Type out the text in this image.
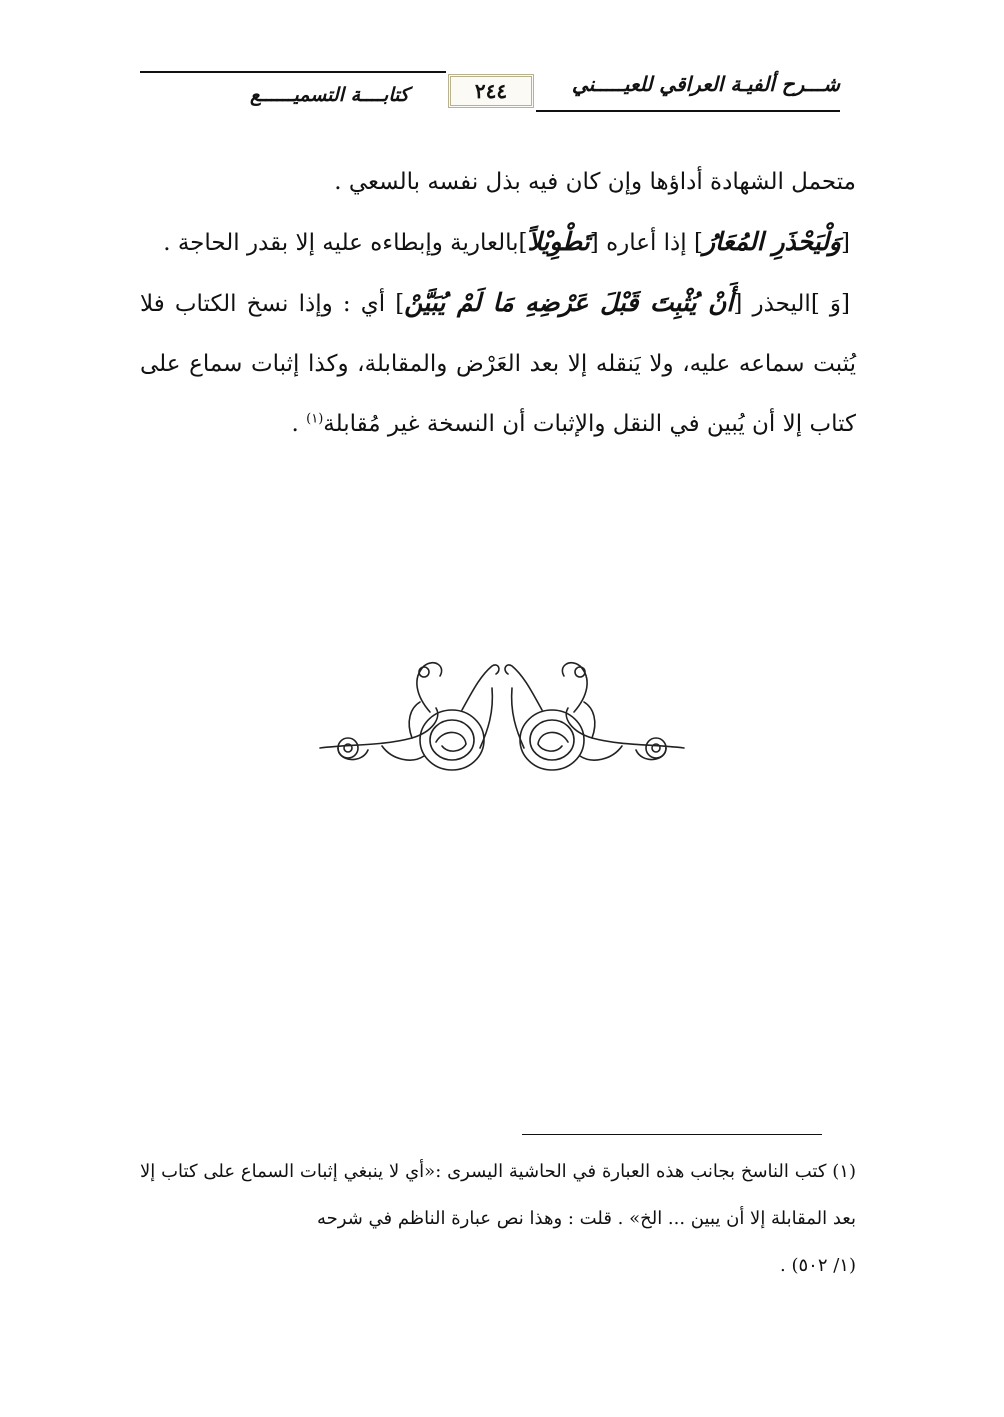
شـــرح ألفيـة العراقي للعيـــــني
٢٤٤
كتابــــة التسميــــــع

متحمل الشهادة أداؤها وإن كان فيه بذل نفسه بالسعي .

[وَلْيَحْذَرِ المُعَارُ] إذا أعاره [تَطْوِيْلاً]بالعارية وإبطاءه عليه إلا بقدر الحاجة .

[وَ ]اليحذر [أَنْ يُثْبِتَ قَبْلَ عَرْضِهِ مَا لَمْ يُبَيَّنْ] أي : وإذا نسخ الكتاب فلا يُثبت سماعه عليه، ولا يَنقله إلا بعد العَرْض والمقابلة، وكذا إثبات سماع على كتاب إلا أن يُبين في النقل والإثبات أن النسخة غير مُقابلة$^{(١)}$ .

(١) كتب الناسخ بجانب هذه العبارة في الحاشية اليسرى :«أي لا ينبغي إثبات السماع على كتاب إلا بعد المقابلة إلا أن يبين ... الخ» . قلت : وهذا نص عبارة الناظم في شرحه

(١/ ٥٠٢) .
